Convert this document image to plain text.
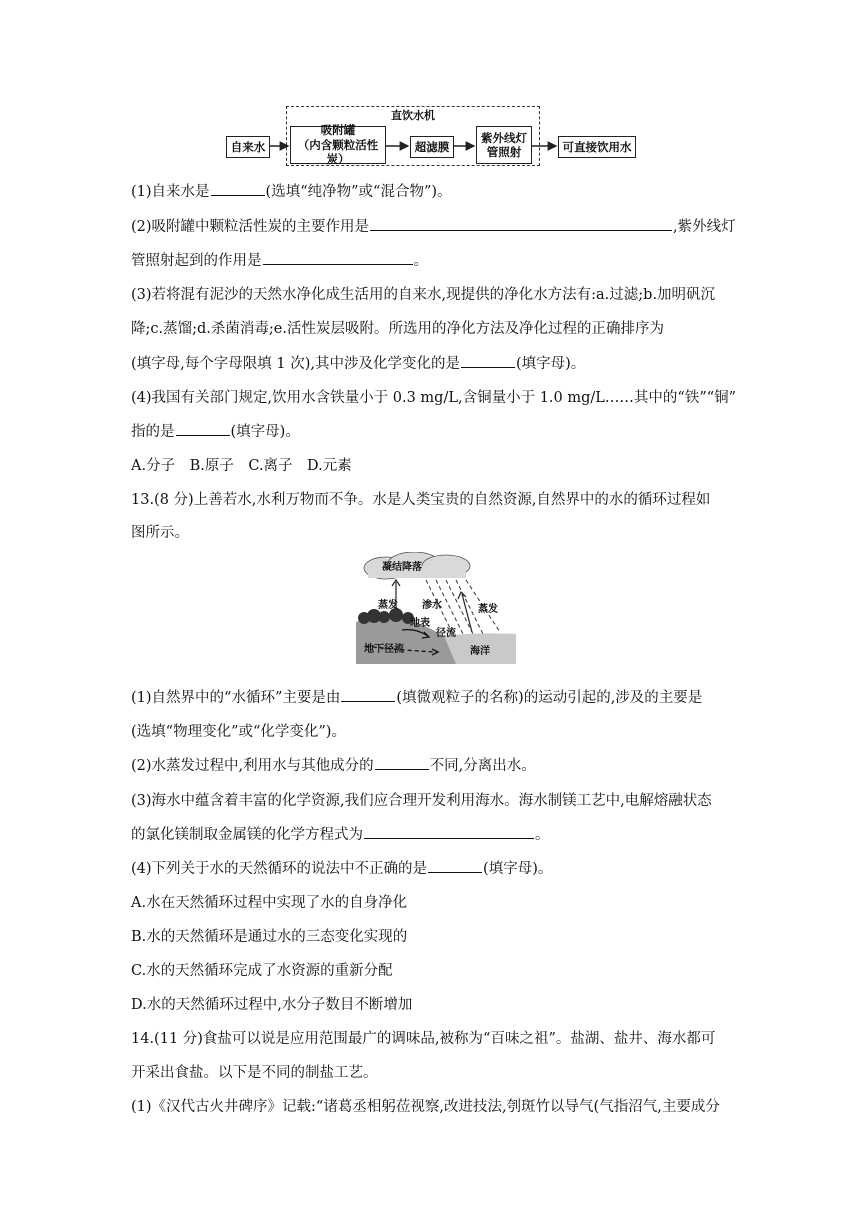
直饮水机
自来水
吸附罐
（内含颗粒活性炭）
超滤膜
紫外线灯
管照射	可直接饮用水
(1)自来水是	(选填“纯净物”或“混合物”)。
(2)吸附罐中颗粒活性炭的主要作用是	,紫外线灯
管照射起到的作用是	。
(3)若将混有泥沙的天然水净化成生活用的自来水,现提供的净化水方法有:a.过滤;b.加明矾沉
降;c.蒸馏;d.杀菌消毒;e.活性炭层吸附。所选用的净化方法及净化过程的正确排序为
(填字母,每个字母限填 1 次),其中涉及化学变化的是	(填字母)。
(4)我国有关部门规定,饮用水含铁量小于 0.3 mg/L,含铜量小于 1.0 mg/L……其中的“铁”“铜”
指的是	(填字母)。
A.分子　B.原子　C.离子　D.元素
13.(8 分)上善若水,水利万物而不争。水是人类宝贵的自然资源,自然界中的水的循环过程如
图所示。
凝结降落
蒸发 渗水	蒸发
地表
径流
地下径流	海洋
(1)自然界中的“水循环”主要是由	(填微观粒子的名称)的运动引起的,涉及的主要是
(选填“物理变化”或“化学变化”)。
(2)水蒸发过程中,利用水与其他成分的	不同,分离出水。
(3)海水中蕴含着丰富的化学资源,我们应合理开发利用海水。海水制镁工艺中,电解熔融状态
的氯化镁制取金属镁的化学方程式为	。
(4)下列关于水的天然循环的说法中不正确的是	(填字母)。
A.水在天然循环过程中实现了水的自身净化
B.水的天然循环是通过水的三态变化实现的
C.水的天然循环完成了水资源的重新分配
D.水的天然循环过程中,水分子数目不断增加
14.(11 分)食盐可以说是应用范围最广的调味品,被称为“百味之祖”。盐湖、盐井、海水都可
开采出食盐。以下是不同的制盐工艺。
(1)《汉代古火井碑序》记载:“诸葛丞相躬莅视察,改进技法,刳斑竹以导气(气指沼气,主要成分
